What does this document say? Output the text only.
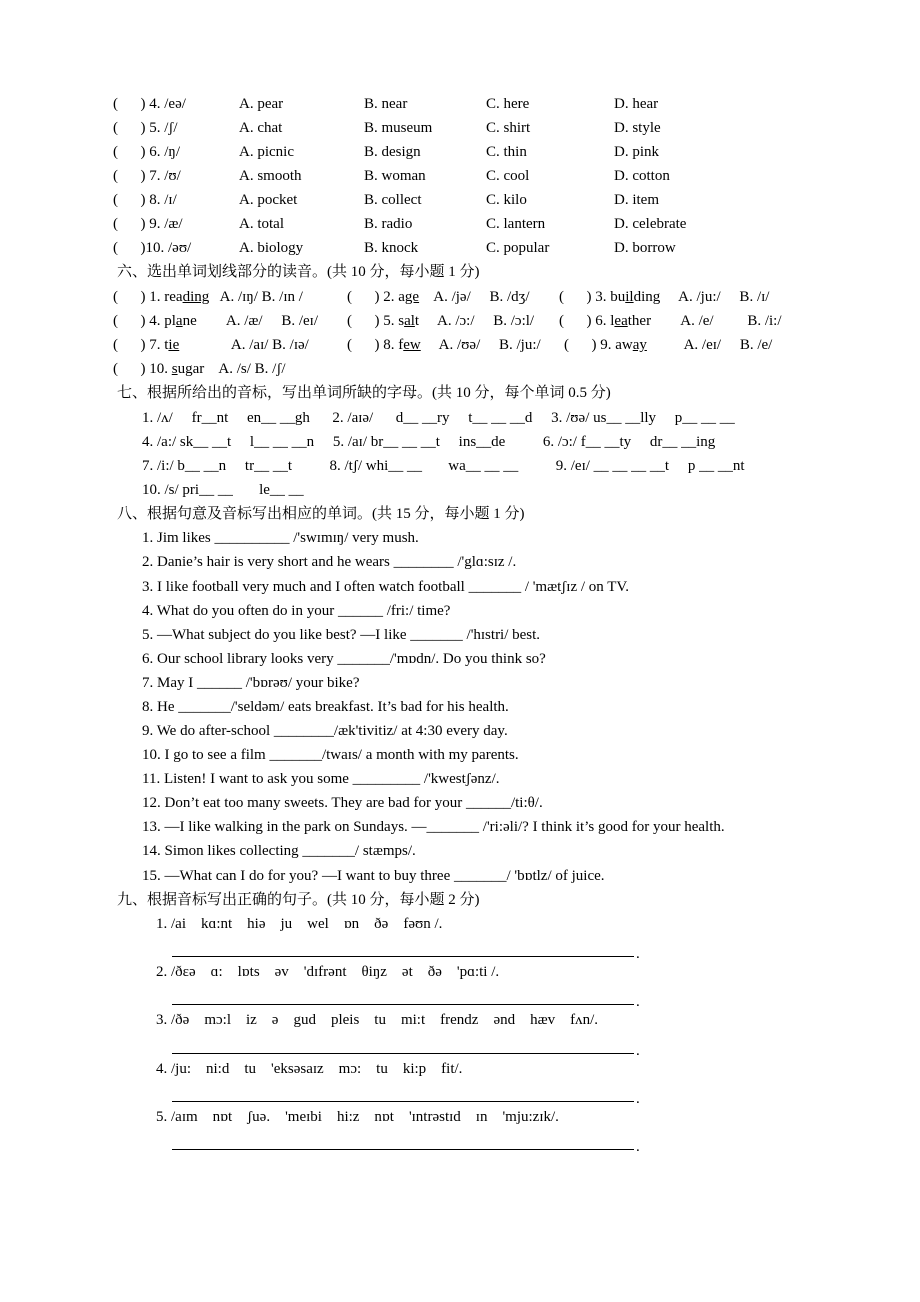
(      ) 4. /eə/

	A. pear

	B. near

	C. here

	D. hear

(      ) 5. /ʃ/

	A. chat

	B. museum

	C. shirt

	D. style

(      ) 6. /ŋ/

	A. picnic

	B. design

	C. thin

	D. pink

(      ) 7. /ʊ/

	A. smooth

	B. woman

	C. cool

	D. cotton

(      ) 8. /ɪ/

	A. pocket

	B. collect

	C. kilo

	D. item

(      ) 9. /æ/

	A. total

	B. radio

	C. lantern

	D. celebrate

(      )10. /əʊ/

	A. biology

	B. knock

	C. popular

	D. borrow

六、选出单词划线部分的读音。(共 10 分，每小题 1 分)

(      ) 1. reading   A. /ɪŋ/ B. /ɪn /

	(      ) 2. age    A. /jə/     B. /dʒ/

(      ) 3. building     A. /ju:/     B. /ɪ/

(      ) 4. plane        A. /æ/     B. /eɪ/

(      ) 5. salt     A. /ɔ:/     B. /ɔ:l/

(      ) 6. leather        A. /e/         B. /i:/

(      ) 7. tie              A. /aɪ/ B. /ɪə/

	(      ) 8. few     A. /ʊə/     B. /ju:/

(      ) 9. away          A. /eɪ/     B. /e/

(      ) 10. sugar    A. /s/ B. /ʃ/

七、根据所给出的音标，写出单词所缺的字母。(共 10 分，每个单词 0.5 分)
1. /ʌ/     fr__nt     en__ __gh      2. /aɪə/      d__ __ry     t__ __ __d     3. /ʊə/ us__ __lly     p__ __ __
4. /a:/ sk__ __t     l__ __ __n     5. /aɪ/ br__ __ __t     ins__de          6. /ɔ:/ f__ __ty     dr__ __ing
7. /i:/ b__ __n     tr__ __t          8. /tʃ/ whi__ __       wa__ __ __          9. /eɪ/ __ __ __ __t     p __ __nt
10. /s/ pri__ __       le__ __
八、根据句意及音标写出相应的单词。(共 15 分，每小题 1 分)
1. Jim likes __________ /'swɪmɪŋ/ very mush.
2. Danie’s hair is very short and he wears ________ /'glɑ:sɪz /.
3. I like football very much and I often watch football _______ / 'mætʃɪz / on TV.
4. What do you often do in your ______ /fri:/ time?
5. —What subject do you like best? —I like _______ /'hɪstri/ best.
6. Our school library looks very _______/'mɒdn/. Do you think so?
7. May I ______ /'bɒrəʊ/ your bike?
8. He _______/'seldəm/ eats breakfast. It’s bad for his health.
9. We do after-school ________/æk'tivitiz/ at 4:30 every day.
10. I go to see a film _______/twaɪs/ a month with my parents.
11. Listen! I want to ask you some _________ /'kwestʃənz/.
12. Don’t eat too many sweets. They are bad for your ______/ti:θ/.
13. —I like walking in the park on Sundays. —_______ /'ri:əli/? I think it’s good for your health.
14. Simon likes collecting _______/ stæmps/.
15. —What can I do for you? —I want to buy three _______/ 'bɒtlz/ of juice.
九、根据音标写出正确的句子。(共 10 分，每小题 2 分)
1. /ai    kɑ:nt    hiə    ju    wel    ɒn    ðə    fəʊn /.
.
2. /ðɛə    ɑ:    lɒts    əv    'dɪfrənt    θiŋz    ət    ðə    'pɑ:ti /.
.
3. /ðə    mɔ:l    iz    ə    gud    pleis    tu    mi:t    frendz    ənd    hæv    fʌn/.
.
4. /ju:    ni:d    tu    'eksəsaɪz    mɔ:    tu    ki:p    fit/.
.
5. /aɪm    nɒt    ʃuə.    'meɪbi    hi:z    nɒt    'ɪntrəstɪd    ɪn    'mju:zɪk/.
.
